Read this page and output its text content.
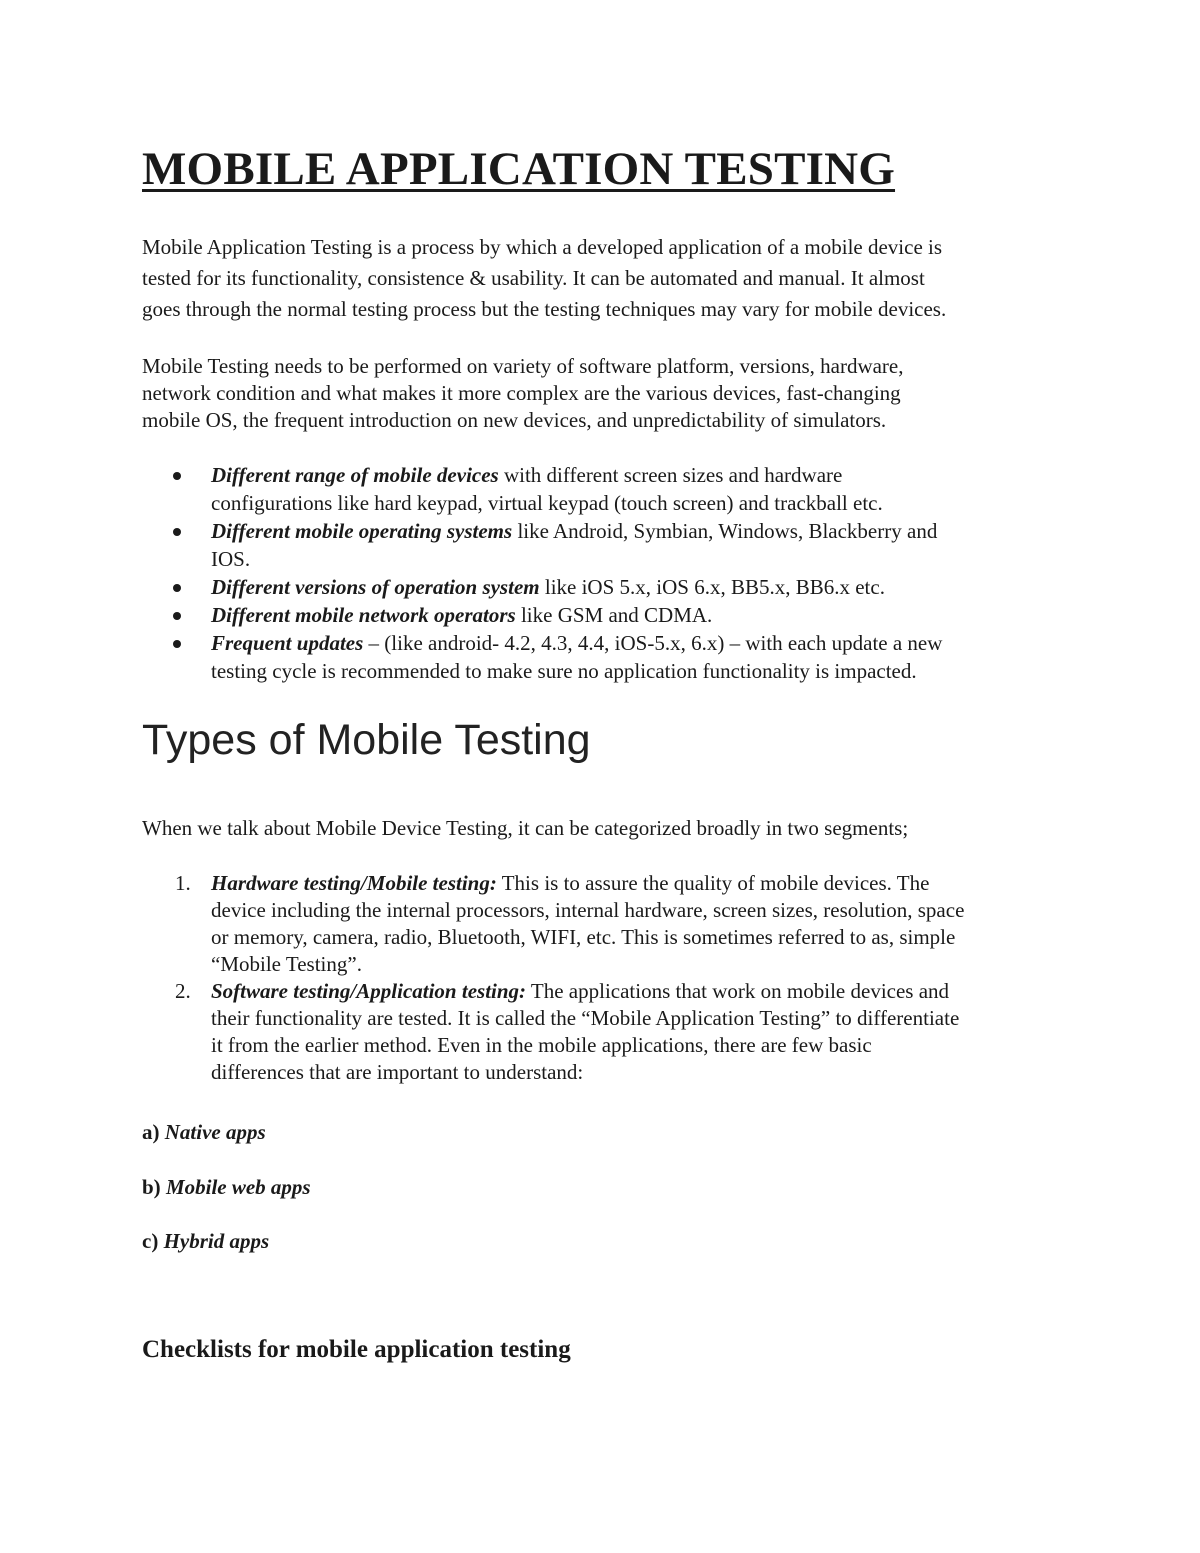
MOBILE APPLICATION TESTING

Mobile Application Testing is a process by which a developed application of a mobile device is
tested for its functionality, consistence & usability. It can be automated and manual. It almost
goes through the normal testing process but the testing techniques may vary for mobile devices.

Mobile Testing needs to be performed on variety of software platform, versions, hardware,
network condition and what makes it more complex are the various devices, fast-changing
mobile OS, the frequent introduction on new devices, and unpredictability of simulators.

Different range of mobile devices with different screen sizes and hardware
configurations like hard keypad, virtual keypad (touch screen) and trackball etc.
Different mobile operating systems like Android, Symbian, Windows, Blackberry and
IOS.
Different versions of operation system like iOS 5.x, iOS 6.x, BB5.x, BB6.x etc.
Different mobile network operators like GSM and CDMA.
Frequent updates – (like android- 4.2, 4.3, 4.4, iOS-5.x, 6.x) – with each update a new
testing cycle is recommended to make sure no application functionality is impacted.
Types of Mobile Testing

When we talk about Mobile Device Testing, it can be categorized broadly in two segments;

1. Hardware testing/Mobile testing: This is to assure the quality of mobile devices. The
device including the internal processors, internal hardware, screen sizes, resolution, space
or memory, camera, radio, Bluetooth, WIFI, etc. This is sometimes referred to as, simple
“Mobile Testing”.
2. Software testing/Application testing: The applications that work on mobile devices and
their functionality are tested. It is called the “Mobile Application Testing” to differentiate
it from the earlier method. Even in the mobile applications, there are few basic
differences that are important to understand:

a) Native apps

b) Mobile web apps

c) Hybrid apps

Checklists for mobile application testing
